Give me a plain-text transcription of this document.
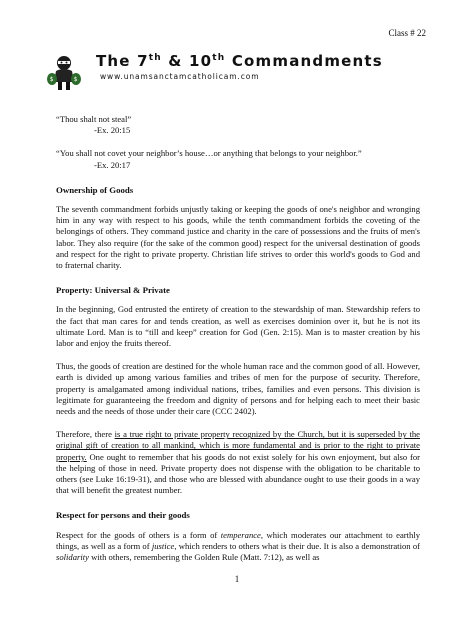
Class # 22
$	$
The 7th & 10th Commandments
www.unamsanctamcatholicam.com
“Thou shalt not steal”
-Ex. 20:15
“You shall not covet your neighbor’s house…or anything that belongs to your neighbor.”
-Ex. 20:17
Ownership of Goods

The seventh commandment forbids unjustly taking or keeping the goods of one's neighbor and wronging him in any way with respect to his goods, while the tenth commandment forbids the coveting of the belongings of others. They command justice and charity in the care of possessions and the fruits of men's labor. They also require (for the sake of the common good) respect for the universal destination of goods and respect for the right to private property. Christian life strives to order this world's goods to God and to fraternal charity.

Property: Universal & Private

In the beginning, God entrusted the entirety of creation to the stewardship of man. Stewardship refers to the fact that man cares for and tends creation, as well as exercises dominion over it, but he is not its ultimate Lord. Man is to “till and keep” creation for God (Gen. 2:15). Man is to master creation by his labor and enjoy the fruits thereof.

Thus, the goods of creation are destined for the whole human race and the common good of all. However, earth is divided up among various families and tribes of men for the purpose of security. Therefore, property is amalgamated among individual nations, tribes, families and even persons. This division is legitimate for guaranteeing the freedom and dignity of persons and for helping each to meet their basic needs and the needs of those under their care (CCC 2402).

Therefore, there is a true right to private property recognized by the Church, but it is superseded by the original gift of creation to all mankind, which is more fundamental and is prior to the right to private property. One ought to remember that his goods do not exist solely for his own enjoyment, but also for the helping of those in need. Private property does not dispense with the obligation to be charitable to others (see Luke 16:19-31), and those who are blessed with abundance ought to use their goods in a way that will benefit the greatest number.

Respect for persons and their goods

Respect for the goods of others is a form of temperance, which moderates our attachment to earthly things, as well as a form of justice, which renders to others what is their due. It is also a demonstration of solidarity with others, remembering the Golden Rule (Matt. 7:12), as well as

1
